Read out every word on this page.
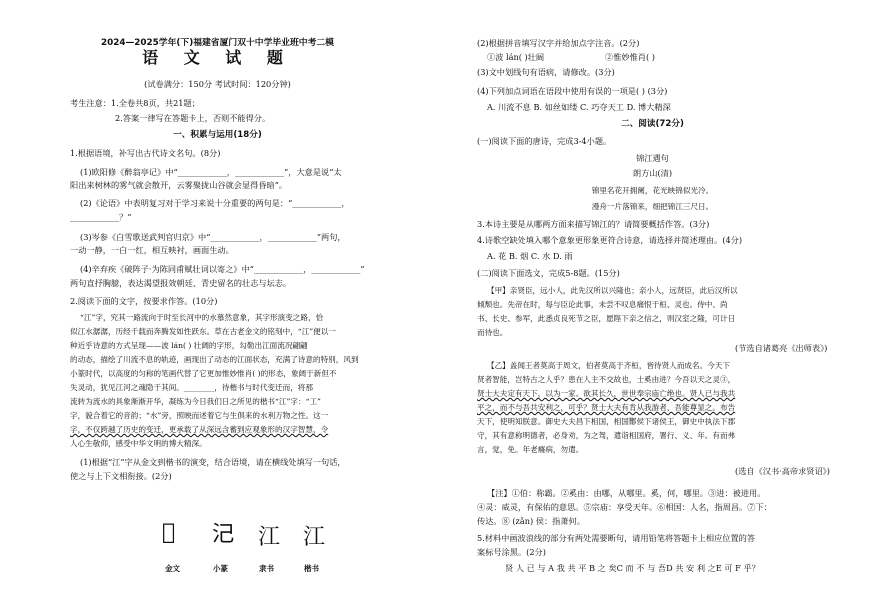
2024—2025学年(下)福建省厦门双十中学毕业班中考二模
语 文 试 题
(试卷满分：150分 考试时间：120分钟)
考生注意：1.全卷共8页，共21题；
2.答案一律写在答题卡上，否则不能得分。
一、积累与运用(18分)
1.根据语境，补写出古代诗文名句。(8分)
(1)欧阳修《醉翁亭记》中“____________，____________”，大意是说“太
阳出来树林的雾气就会散开，云雾聚拢山谷就会显得昏暗”。
(2)《论语》中表明复习对于学习来说十分重要的两句是：“____________，
____________？”
(3)岑参《白雪歌送武判官归京》中“____________，____________”两句，
一动一静，一白一红，相互映衬，画面生动。
(4)辛弃疾《破阵子·为陈同甫赋壮词以寄之》中“____________，____________”
两句直抒胸臆，表达渴望报效朝廷、青史留名的壮志与坛志。
2.阅读下面的文字，按要求作答。(10分)
“江”字，究其一路流向于时至长河中的水慕然意象，其字形演变之路，恰
似江水潺潺，历经千载而奔腾发如性跃东。草在古老金文的铭刻中，“江”便以一
种近乎诗意的方式呈现——波 lán( ) 壮阔的字形，勾勒出江面流况翩翩
的动态，描绘了川流不息的轨迹，画现出了动态的江面状态，充满了诗意的特别，风到
小篆时代，以高度的匀称的笔画代替了它更加惟妙惟肖( )的形态，象阔于新但不
失灵动，犹见江河之魂隐于其间。________，待楷书与时代变迁而，将那
流转为流水的具象渐渐开华，凝练为今日我们日之所见的楷书“江”字：“工”
字，貌合着它的音韵；“水”旁，照映而述着它与生俱来的水利万物之性。这一
字，不仅跨越了历史的变迁，更承载了从深远含蓄到应观象形的汉字智慧，令
人心生敬仰，感受中华文明的博大精深。
(1)根据“江”字从金文到楷书的演变，结合语境，请在横线处填写一句话，
使之与上下文相衔接。(2分)
𪴟 𣲆 江 江
金文	小篆	隶书	楷书
(2)根据拼音填写汉字并给加点字注音。(2分)
①波 lán( )壮阔	②惟妙惟肖( )
(3)文中划线句有语病，请修改。(3分)
(4)下列加点词语在语段中使用有误的一项是( ) (3分)
A. 川流不息 B. 如丝如缕 C. 巧夺天工 D. 博大精深
二、阅读(72分)
(一)阅读下面的唐诗，完成3-4小题。
锦江遇句
朗方山(清)
锦里名花开拥阑，花光映锦似光冷。
漫舟一片落锦来，细把锦江三尺日。
3.本诗主要是从哪两方面来描写锦江的？请简要概括作答。(3分)
4.诗歌空缺处填入哪个意象更形象更符合诗意，请选择并简述理由。(4分)
A. 花 B. 烟 C. 水 D. 雨
(二)阅读下面选文，完成5-8题。(15分)
【甲】亲贤臣，远小人，此先汉所以兴隆也；亲小人，远贤臣，此后汉所以
倾颓也。先帝在时，每与臣论此事，未尝不叹息痛恨于桓、灵也。侍中、尚
书、长史、参军，此悉贞良死节之臣，愿陛下亲之信之，则汉室之隆，可计日
而待也。
(节选自诸葛亮《出师表》)
【乙】盖闻王者莫高于周文，伯者莫高于齐桓，皆待贤人而成名。今天下
贤者智能，岂特古之人乎？患在人主不交故也，士奚由进？今吾以天之灵③，
贤士大夫定有天下，以为一家。欲其长久，世世奉宗庙亡绝也。贤人已与我共
平之，而不与吾共安利之，可乎？贤士大夫有肯从我游者，吾能尊显之。布告
天下，使明知朕意。御史大夫昌下相国，相国酇侯下诸侯王，御史中执法下郡
守，其有意称明德者，必身劝，为之驾，遣诣相国府，署行、义、年。有而弗
言，觉，免。年老癃病，勿遣。
(选自《汉书·高帝求贤诏》)
【注】①伯：称霸。②奚由：由哪，从哪里。奚，何，哪里。③进：被进用。
④灵：威灵，有保佑的意思。⑤宗庙：享受天年。⑥相国：人名，指周昌。⑦下：
传达。⑧ (zǎn) 侯：指萧何。
5.材料中画波浪线的部分有两处需要断句，请用铅笔将答题卡上相应位置的答
案标号涂黑。(2分)
贤 人 已 与 A 我 共 平 B 之 矣C 而 不 与 吾D 共 安 利 之E 可 F 乎？
